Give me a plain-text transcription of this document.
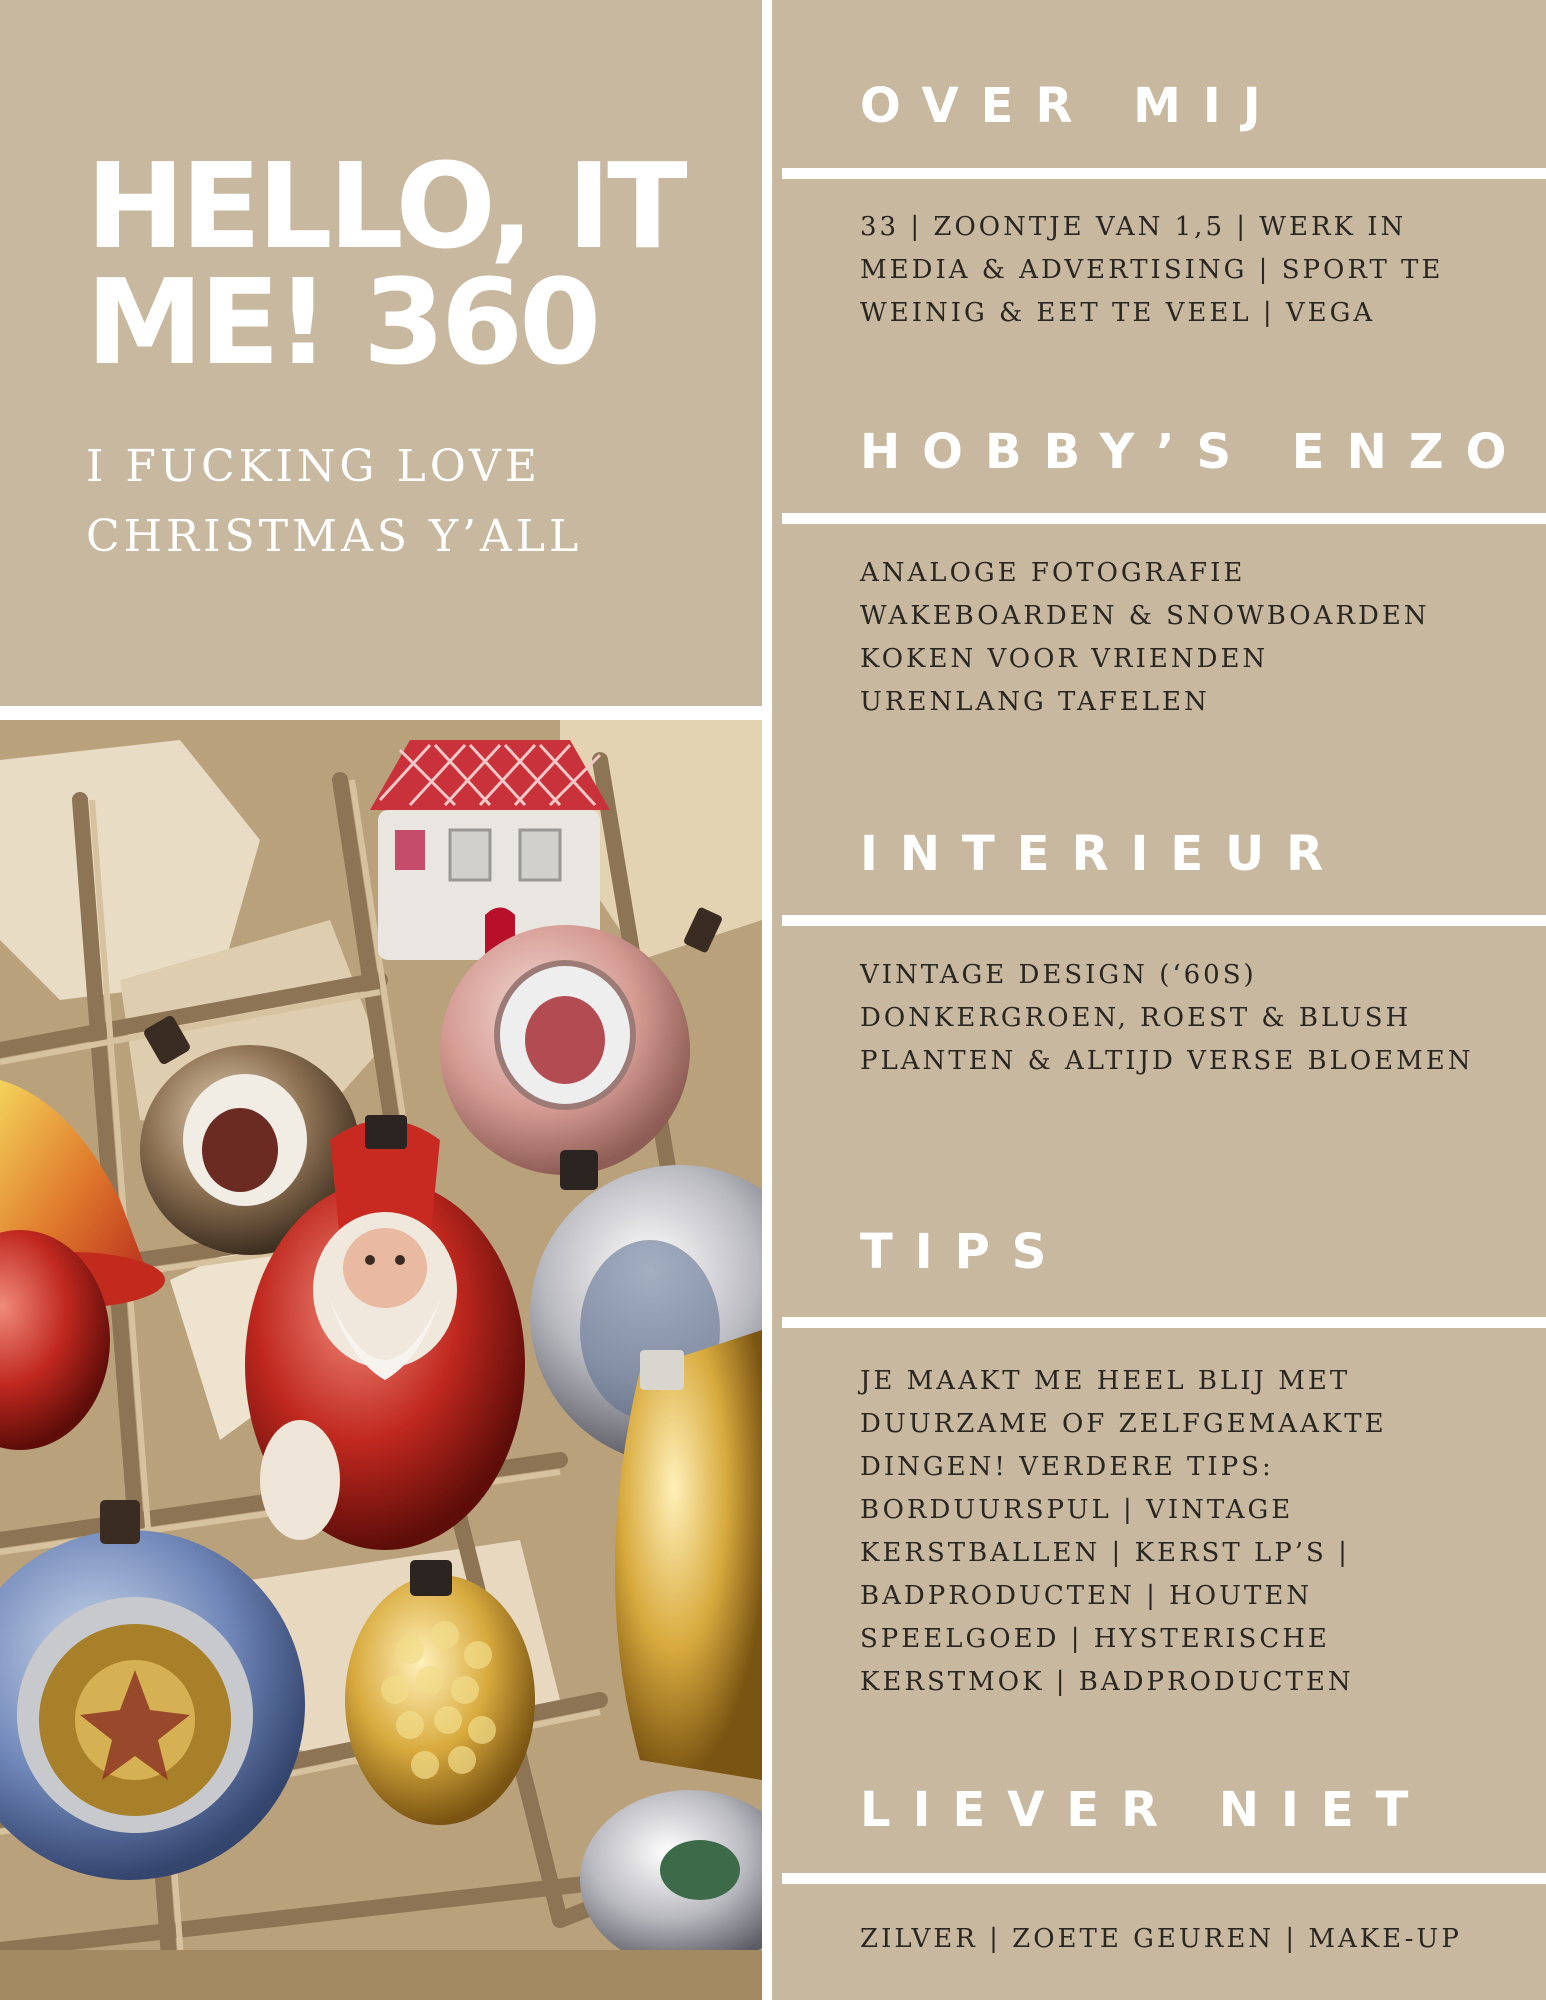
HELLO, IT
ME! 360

I FUCKING LOVE
CHRISTMAS Y’ALL

OVER MIJ

33 | ZOONTJE VAN 1,5 | WERK IN
MEDIA & ADVERTISING | SPORT TE
WEINIG & EET TE VEEL | VEGA

HOBBY’S ENZO

ANALOGE FOTOGRAFIE
WAKEBOARDEN & SNOWBOARDEN
KOKEN VOOR VRIENDEN
URENLANG TAFELEN

INTERIEUR

VINTAGE DESIGN (‘60S)
DONKERGROEN, ROEST & BLUSH
PLANTEN & ALTIJD VERSE BLOEMEN

TIPS

JE MAAKT ME HEEL BLIJ MET
DUURZAME OF ZELFGEMAAKTE
DINGEN! VERDERE TIPS:
BORDUURSPUL | VINTAGE
KERSTBALLEN | KERST LP’S |
BADPRODUCTEN | HOUTEN
SPEELGOED | HYSTERISCHE
KERSTMOK | BADPRODUCTEN

LIEVER NIET

ZILVER | ZOETE GEUREN | MAKE-UP
